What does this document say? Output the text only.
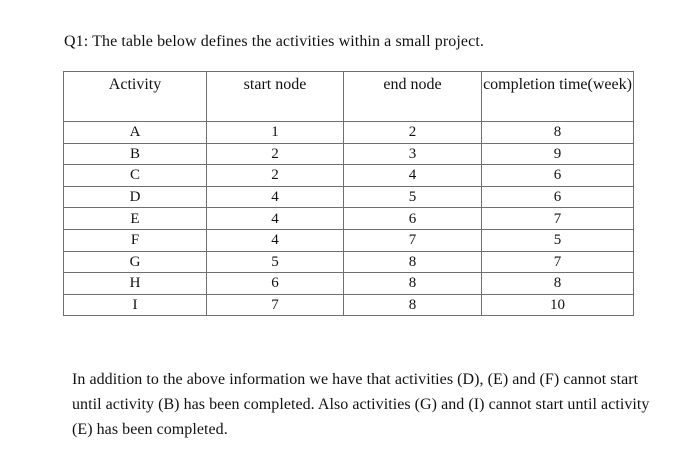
Q1: The table below defines the activities within a small project.
Activity	start node	end node	completion time(week)
A	1	2	8
B	2	3	9
C	2	4	6
D	4	5	6
E	4	6	7
F	4	7	5
G	5	8	7
H	6	8	8
I	7	8	10

In addition to the above information we have that activities (D), (E) and (F) cannot start until activity (B) has been completed. Also activities (G) and (I) cannot start until activity (E) has been completed.
